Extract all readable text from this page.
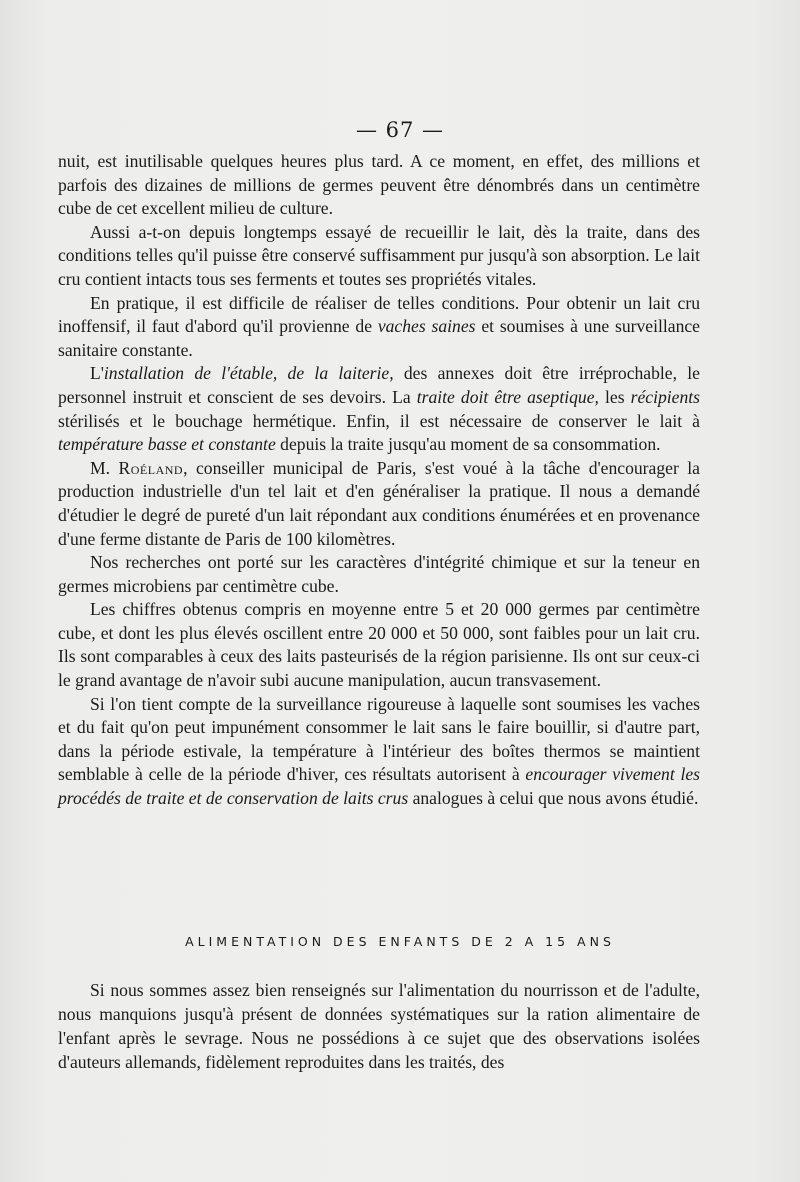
— 67 —

nuit, est inutilisable quelques heures plus tard. A ce moment, en effet, des millions et parfois des dizaines de millions de germes peuvent être dénombrés dans un centimètre cube de cet excellent milieu de culture.

Aussi a-t-on depuis longtemps essayé de recueillir le lait, dès la traite, dans des conditions telles qu'il puisse être conservé suffisamment pur jusqu'à son absorption. Le lait cru contient intacts tous ses ferments et toutes ses propriétés vitales.

En pratique, il est difficile de réaliser de telles conditions. Pour obtenir un lait cru inoffensif, il faut d'abord qu'il provienne de vaches saines et soumises à une surveillance sanitaire constante.

L'installation de l'étable, de la laiterie, des annexes doit être irréprochable, le personnel instruit et conscient de ses devoirs. La traite doit être aseptique, les récipients stérilisés et le bouchage hermétique. Enfin, il est nécessaire de conserver le lait à température basse et constante depuis la traite jusqu'au moment de sa consommation.

M. Roéland, conseiller municipal de Paris, s'est voué à la tâche d'encourager la production industrielle d'un tel lait et d'en généraliser la pratique. Il nous a demandé d'étudier le degré de pureté d'un lait répondant aux conditions énumérées et en provenance d'une ferme distante de Paris de 100 kilomètres.

Nos recherches ont porté sur les caractères d'intégrité chimique et sur la teneur en germes microbiens par centimètre cube.

Les chiffres obtenus compris en moyenne entre 5 et 20 000 germes par centimètre cube, et dont les plus élevés oscillent entre 20 000 et 50 000, sont faibles pour un lait cru. Ils sont comparables à ceux des laits pasteurisés de la région parisienne. Ils ont sur ceux-ci le grand avantage de n'avoir subi aucune manipulation, aucun transvasement.

Si l'on tient compte de la surveillance rigoureuse à laquelle sont soumises les vaches et du fait qu'on peut impunément consommer le lait sans le faire bouillir, si d'autre part, dans la période estivale, la température à l'intérieur des boîtes thermos se maintient semblable à celle de la période d'hiver, ces résultats autorisent à encourager vivement les procédés de traite et de conservation de laits crus analogues à celui que nous avons étudié.

ALIMENTATION DES ENFANTS DE 2 A 15 ANS

Si nous sommes assez bien renseignés sur l'alimentation du nourrisson et de l'adulte, nous manquions jusqu'à présent de données systématiques sur la ration alimentaire de l'enfant après le sevrage. Nous ne possédions à ce sujet que des observations isolées d'auteurs allemands, fidèlement reproduites dans les traités, des
